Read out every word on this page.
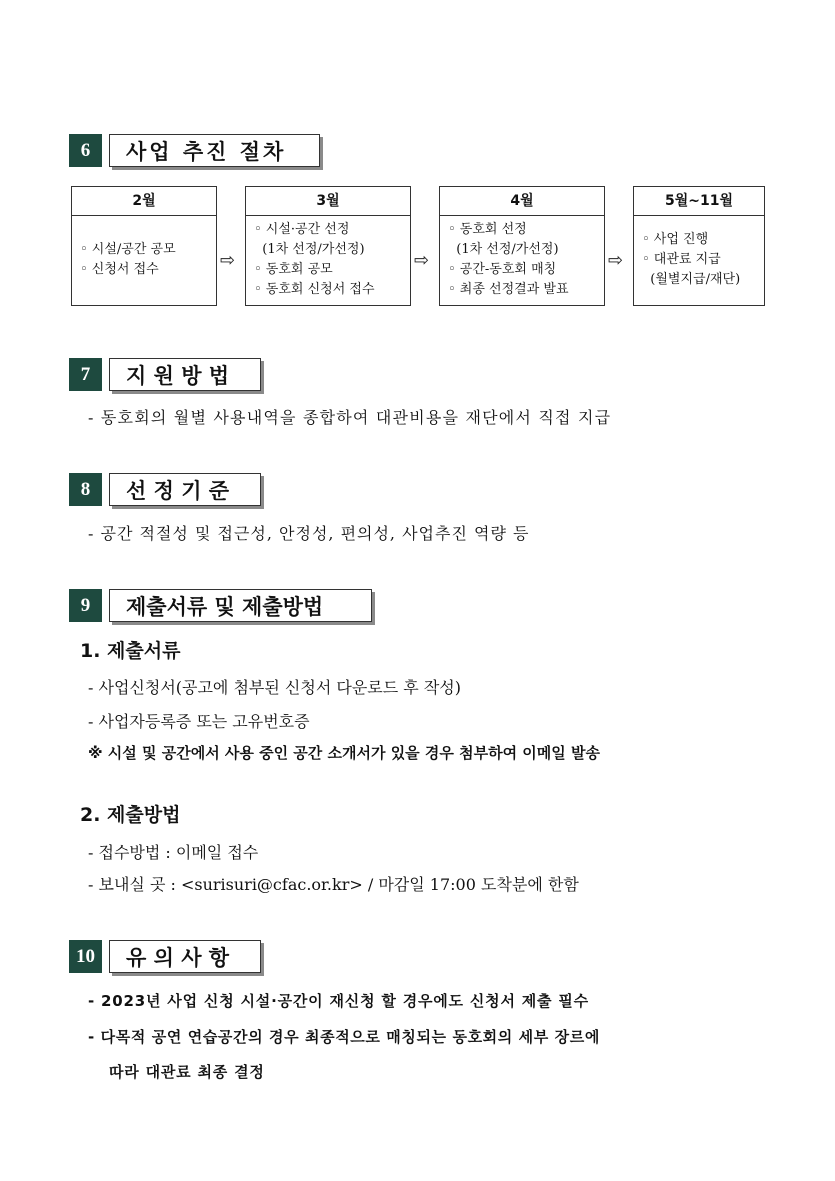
6	사업 추진 절차
2월
◦ 시설/공간 공모
◦ 신청서 접수	⇨
3월
◦ 시설·공간 선정
(1차 선정/가선정)
◦ 동호회 공모
◦ 동호회 신청서 접수
⇨
4월
◦ 동호회 선정
(1차 선정/가선정)
◦ 공간-동호회 매칭
◦ 최종 선정결과 발표
⇨
5월~11월
◦ 사업 진행
◦ 대관료 지급
(월별지급/재단)
7	지 원 방 법
- 동호회의 월별 사용내역을 종합하여 대관비용을 재단에서 직접 지급
8	선 정 기 준
- 공간 적절성 및 접근성, 안정성, 편의성, 사업추진 역량 등
9	제출서류 및 제출방법
1. 제출서류
- 사업신청서(공고에 첨부된 신청서 다운로드 후 작성)
- 사업자등록증 또는 고유번호증
※ 시설 및 공간에서 사용 중인 공간 소개서가 있을 경우 첨부하여 이메일 발송
2. 제출방법
- 접수방법 : 이메일 접수
- 보내실 곳 : <surisuri@cfac.or.kr> / 마감일 17:00 도착분에 한함
10	유 의 사 항
- 2023년 사업 신청 시설·공간이 재신청 할 경우에도 신청서 제출 필수
- 다목적 공연 연습공간의 경우 최종적으로 매칭되는 동호회의 세부 장르에
따라 대관료 최종 결정
